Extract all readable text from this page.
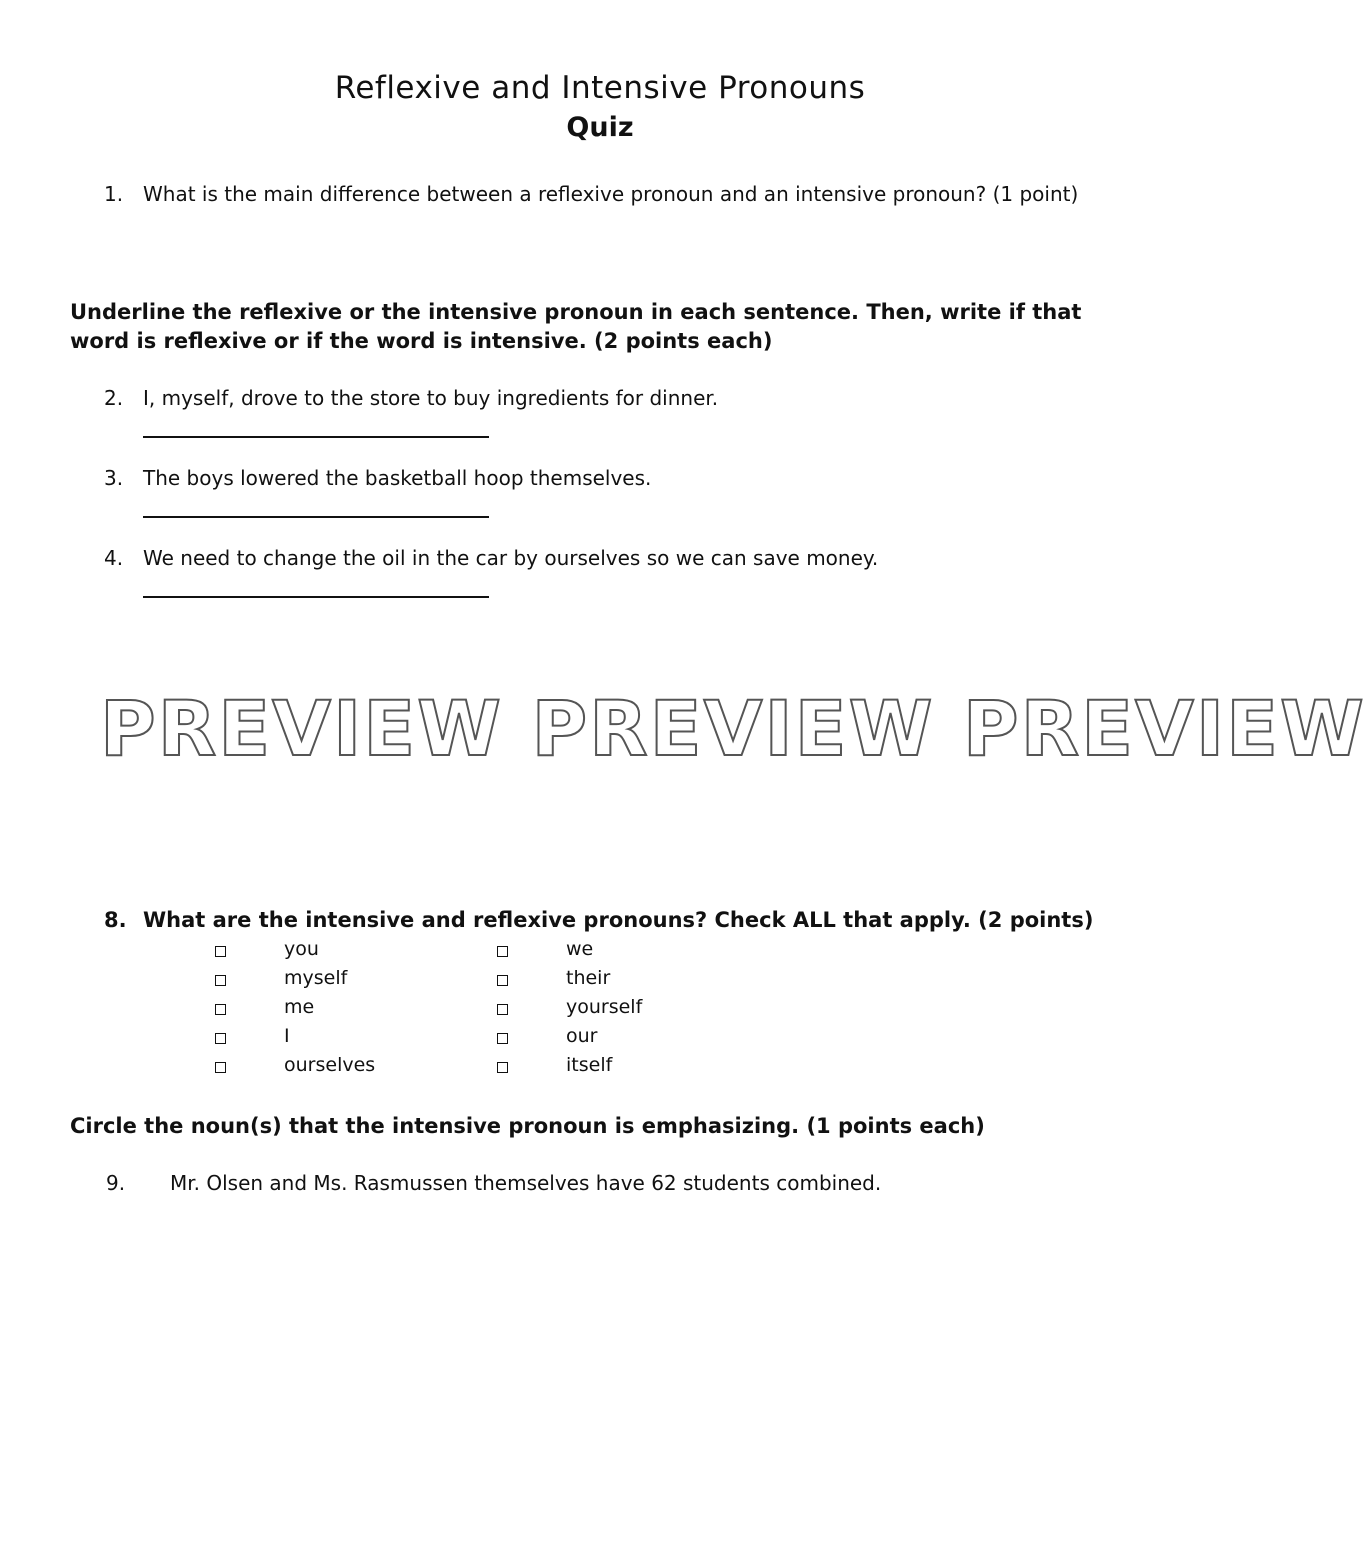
Reflexive and Intensive Pronouns
Quiz
1. What is the main difference between a reflexive pronoun and an intensive pronoun? (1 point)

Underline the reflexive or the intensive pronoun in each sentence. Then, write if that word is reflexive or if the word is intensive. (2 points each)

2. I, myself, drove to the store to buy ingredients for dinner.
3. The boys lowered the basketball hoop themselves.
4. We need to change the oil in the car by ourselves so we can save money.
PREVIEW PREVIEW PREVIEW
8. What are the intensive and reflexive pronouns? Check ALL that apply. (2 points)
you
myself
me
I
ourselves
we
their
yourself
our
itself

Circle the noun(s) that the intensive pronoun is emphasizing. (1 points each)

9.	Mr. Olsen and Ms. Rasmussen themselves have 62 students combined.
